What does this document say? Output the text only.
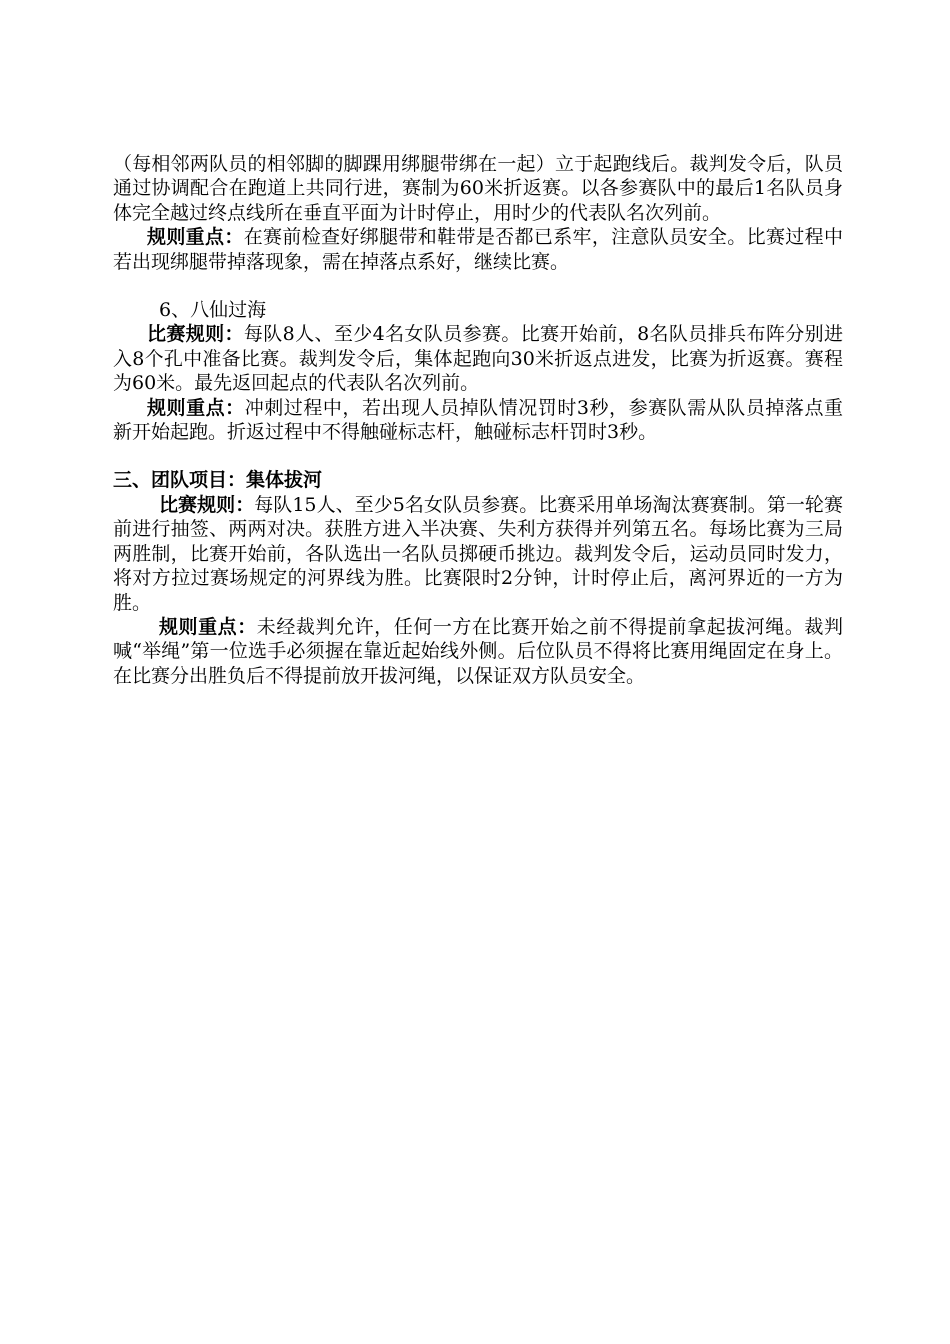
（每相邻两队员的相邻脚的脚踝用绑腿带绑在一起）立于起跑线后。裁判发令后，队员通过协调配合在跑道上共同行进，赛制为60米折返赛。以各参赛队中的最后1名队员身体完全越过终点线所在垂直平面为计时停止，用时少的代表队名次列前。

规则重点：在赛前检查好绑腿带和鞋带是否都已系牢，注意队员安全。比赛过程中若出现绑腿带掉落现象，需在掉落点系好，继续比赛。

6、八仙过海

比赛规则：每队8人、至少4名女队员参赛。比赛开始前，8名队员排兵布阵分别进入8个孔中准备比赛。裁判发令后，集体起跑向30米折返点进发，比赛为折返赛。赛程为60米。最先返回起点的代表队名次列前。

规则重点：冲刺过程中，若出现人员掉队情况罚时3秒，参赛队需从队员掉落点重新开始起跑。折返过程中不得触碰标志杆，触碰标志杆罚时3秒。

三、团队项目：集体拔河

比赛规则：每队15人、至少5名女队员参赛。比赛采用单场淘汰赛赛制。第一轮赛前进行抽签、两两对决。获胜方进入半决赛、失利方获得并列第五名。每场比赛为三局两胜制，比赛开始前，各队选出一名队员掷硬币挑边。裁判发令后，运动员同时发力，将对方拉过赛场规定的河界线为胜。比赛限时2分钟，计时停止后，离河界近的一方为胜。

规则重点：未经裁判允许，任何一方在比赛开始之前不得提前拿起拔河绳。裁判喊“举绳”第一位选手必须握在靠近起始线外侧。后位队员不得将比赛用绳固定在身上。在比赛分出胜负后不得提前放开拔河绳，以保证双方队员安全。
